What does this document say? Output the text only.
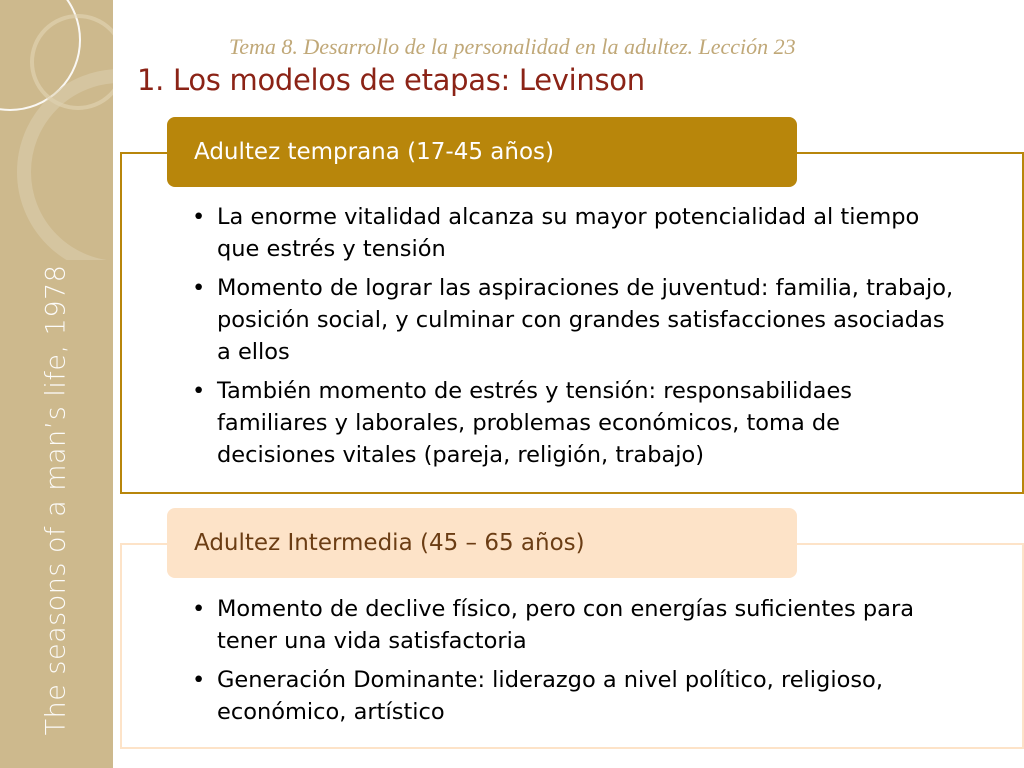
The seasons of a man’s life, 1978
Tema 8. Desarrollo de la personalidad en la adultez. Lección 23
1. Los modelos de etapas: Levinson
Adultez temprana (17-45 años)
• La enorme vitalidad alcanza su mayor potencialidad al tiempo que estrés y tensión
• Momento de lograr las aspiraciones de juventud: familia, trabajo, posición social, y culminar con grandes satisfacciones asociadas a ellos
• También momento de estrés y tensión: responsabilidaes familiares y laborales, problemas económicos, toma de decisiones vitales (pareja, religión, trabajo)
Adultez Intermedia (45 – 65 años)
• Momento de declive físico, pero con energías suficientes para tener una vida satisfactoria
• Generación Dominante: liderazgo a nivel político, religioso, económico, artístico
